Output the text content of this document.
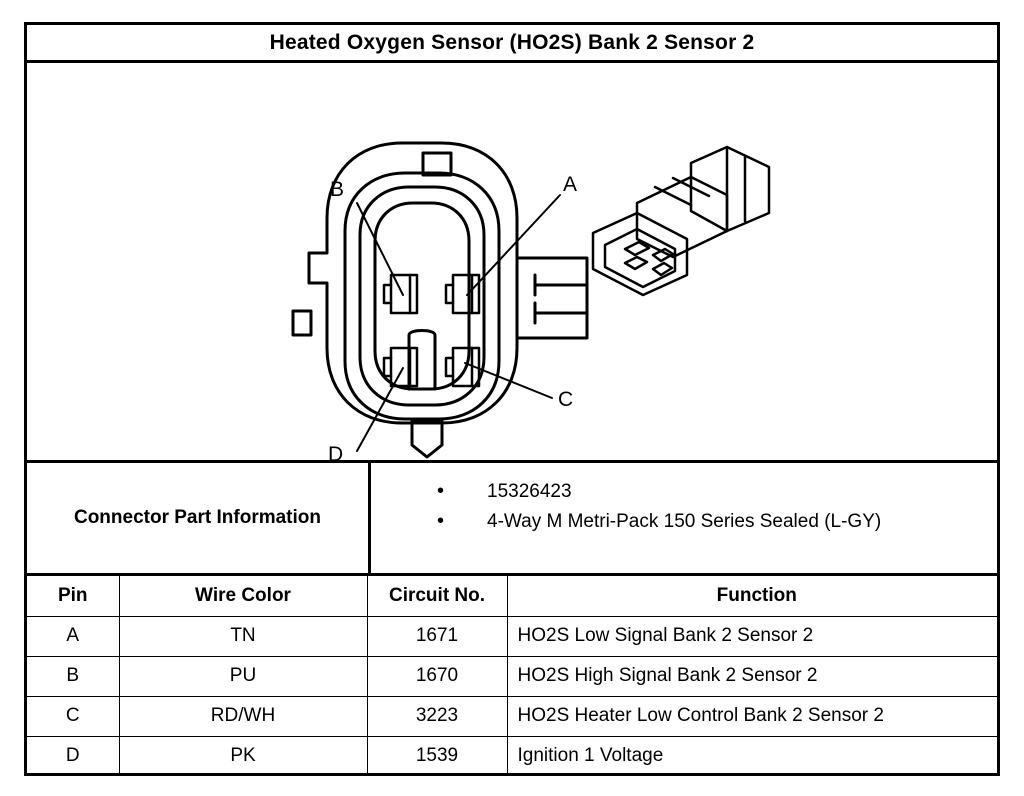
Heated Oxygen Sensor (HO2S) Bank 2 Sensor 2
B	A
C
D
Connector Part Information
• 15326423
• 4-Way M Metri-Pack 150 Series Sealed (L-GY)
Pin	Wire Color	Circuit No.	Function
A	TN	1671	HO2S Low Signal Bank 2 Sensor 2
B	PU	1670	HO2S High Signal Bank 2 Sensor 2
C	RD/WH	3223	HO2S Heater Low Control Bank 2 Sensor 2
D	PK	1539	Ignition 1 Voltage
